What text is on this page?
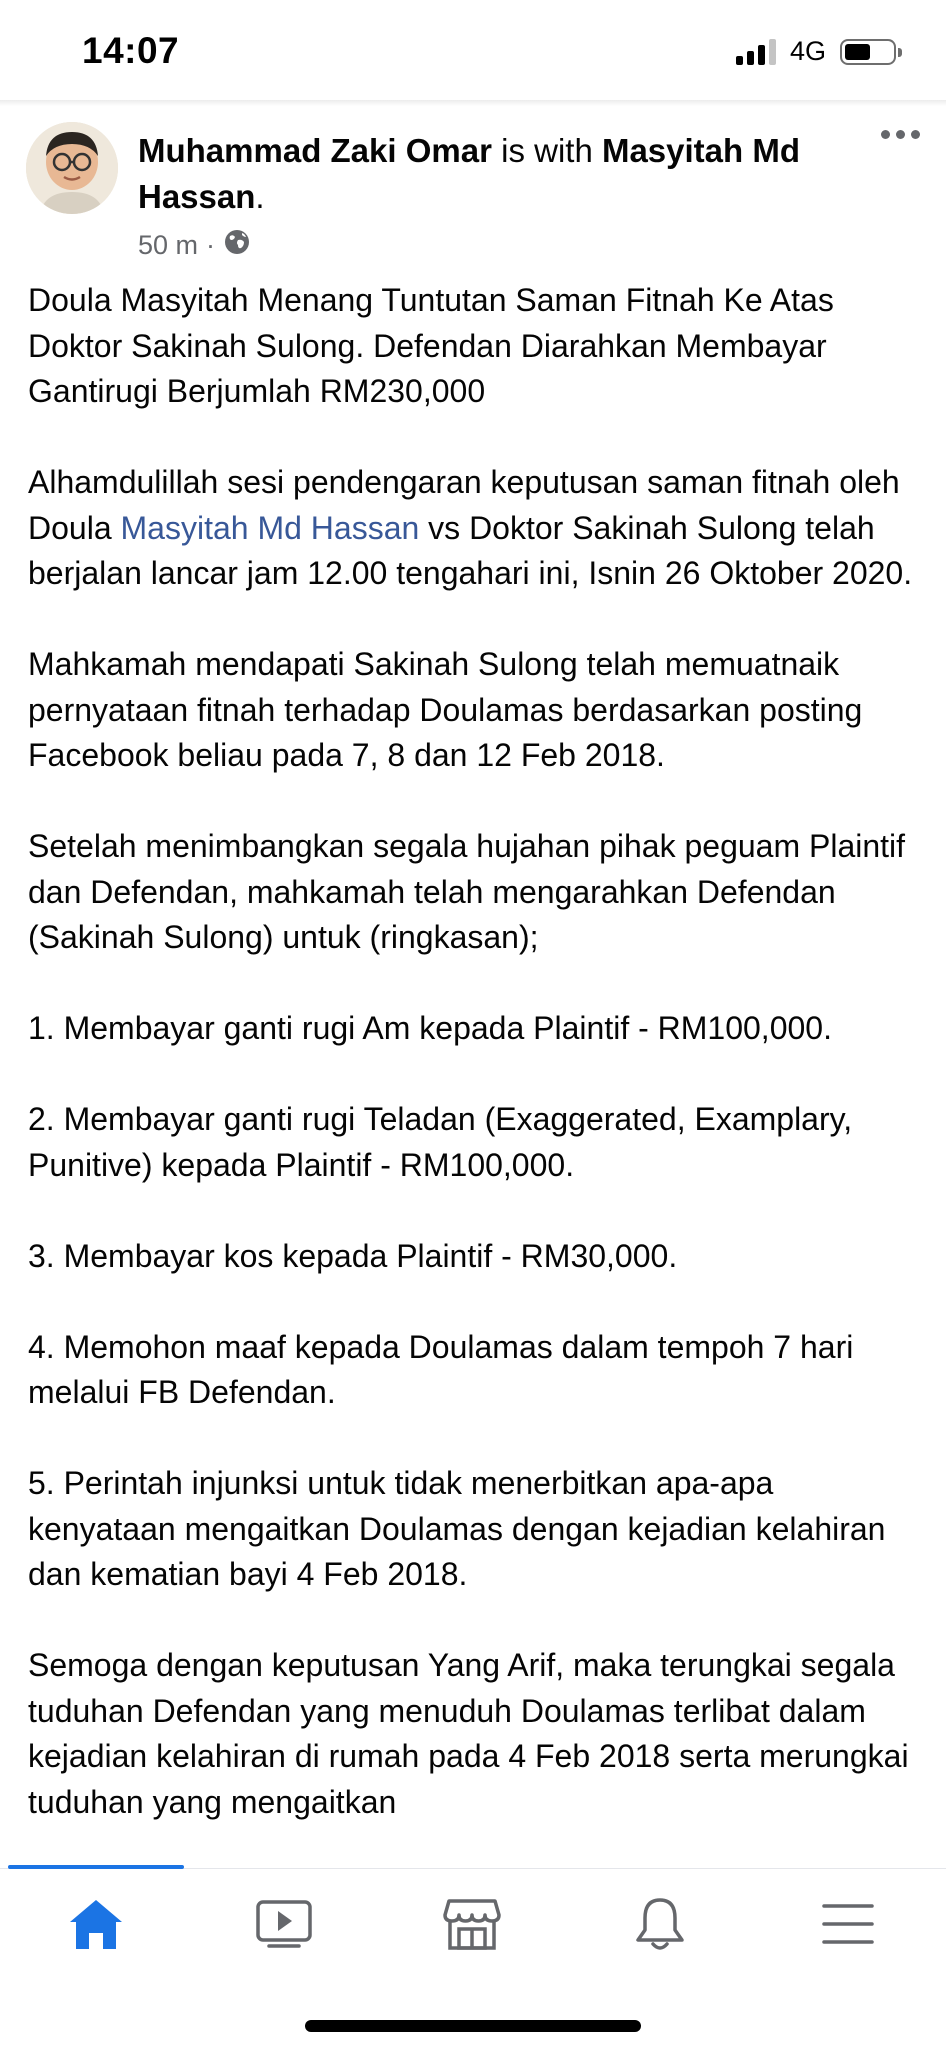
14:07	4G
Muhammad Zaki Omar is with Masyitah Md Hassan.
50 m ·

Doula Masyitah Menang Tuntutan Saman Fitnah Ke Atas Doktor Sakinah Sulong. Defendan Diarahkan Membayar Gantirugi Berjumlah RM230,000

Alhamdulillah sesi pendengaran keputusan saman fitnah oleh Doula Masyitah Md Hassan vs Doktor Sakinah Sulong telah berjalan lancar jam 12.00 tengahari ini, Isnin 26 Oktober 2020.

Mahkamah mendapati Sakinah Sulong telah memuatnaik pernyataan fitnah terhadap Doulamas berdasarkan posting Facebook beliau pada 7, 8 dan 12 Feb 2018.

Setelah menimbangkan segala hujahan pihak peguam Plaintif dan Defendan, mahkamah telah mengarahkan Defendan (Sakinah Sulong) untuk (ringkasan);

1. Membayar ganti rugi Am kepada Plaintif - RM100,000.

2. Membayar ganti rugi Teladan (Exaggerated, Examplary, Punitive) kepada Plaintif - RM100,000.

3. Membayar kos kepada Plaintif - RM30,000.

4. Memohon maaf kepada Doulamas dalam tempoh 7 hari melalui FB Defendan.

5. Perintah injunksi untuk tidak menerbitkan apa-apa kenyataan mengaitkan Doulamas dengan kejadian kelahiran dan kematian bayi 4 Feb 2018.

Semoga dengan keputusan Yang Arif, maka terungkai segala tuduhan Defendan yang menuduh Doulamas terlibat dalam kejadian kelahiran di rumah pada 4 Feb 2018 serta merungkai tuduhan yang mengaitkan
